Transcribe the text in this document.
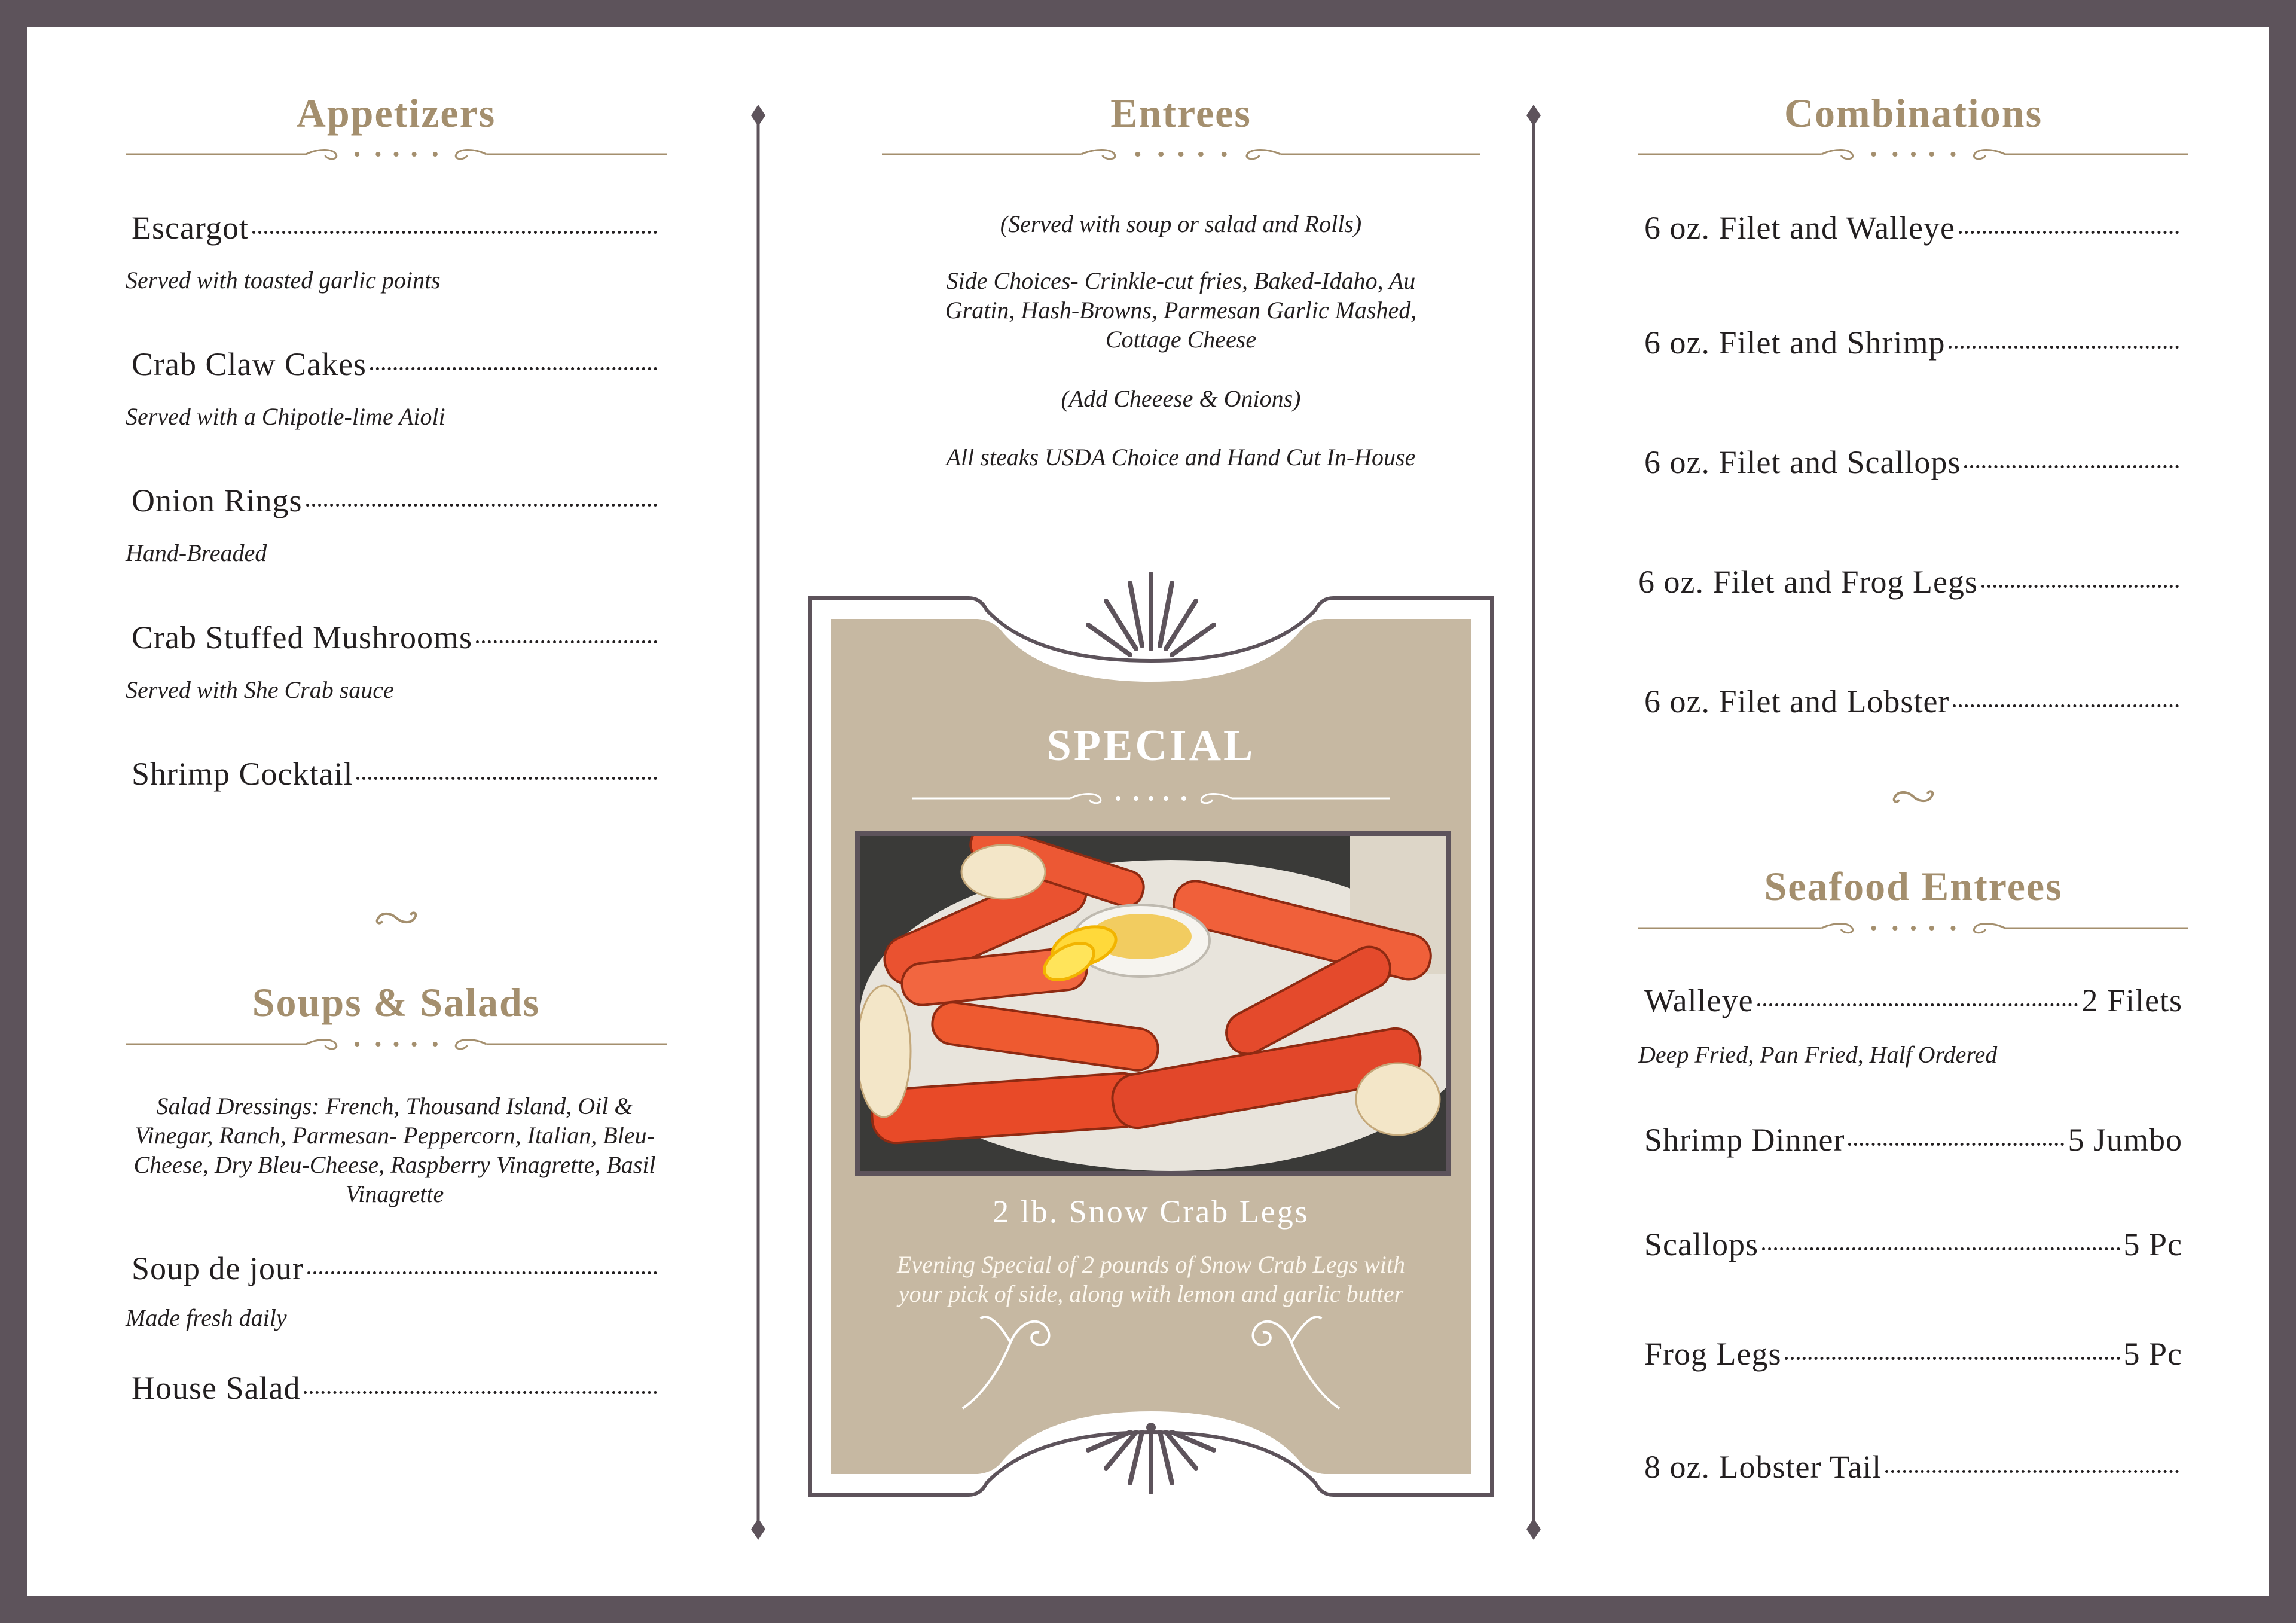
Appetizers
Escargot
Served with toasted garlic points
Crab Claw Cakes
Served with a Chipotle-lime Aioli
Onion Rings
Hand-Breaded
Crab Stuffed Mushrooms
Served with She Crab sauce
Shrimp Cocktail
Soups & Salads
Salad Dressings: French, Thousand Island, Oil & Vinegar, Ranch, Parmesan- Peppercorn, Italian, Bleu-Cheese, Dry Bleu-Cheese, Raspberry Vinagrette, Basil Vinagrette
Soup de jour
Made fresh daily
House Salad
Entrees
(Served with soup or salad and Rolls)
Side Choices- Crinkle-cut fries, Baked-Idaho, Au Gratin, Hash-Browns, Parmesan Garlic Mashed, Cottage Cheese
(Add Cheeese & Onions)
All steaks USDA Choice and Hand Cut In-House
SPECIAL
2 lb. Snow Crab Legs
Evening Special of 2 pounds of Snow Crab Legs with your pick of side, along with lemon and garlic butter
Combinations
6 oz. Filet and Walleye
6 oz. Filet and Shrimp
6 oz. Filet and Scallops
6 oz. Filet and Frog Legs
6 oz. Filet and Lobster
Seafood Entrees
Walleye	2 Filets
Deep Fried, Pan Fried, Half Ordered
Shrimp Dinner	5 Jumbo
Scallops	5 Pc
Frog Legs	5 Pc
8 oz. Lobster Tail
